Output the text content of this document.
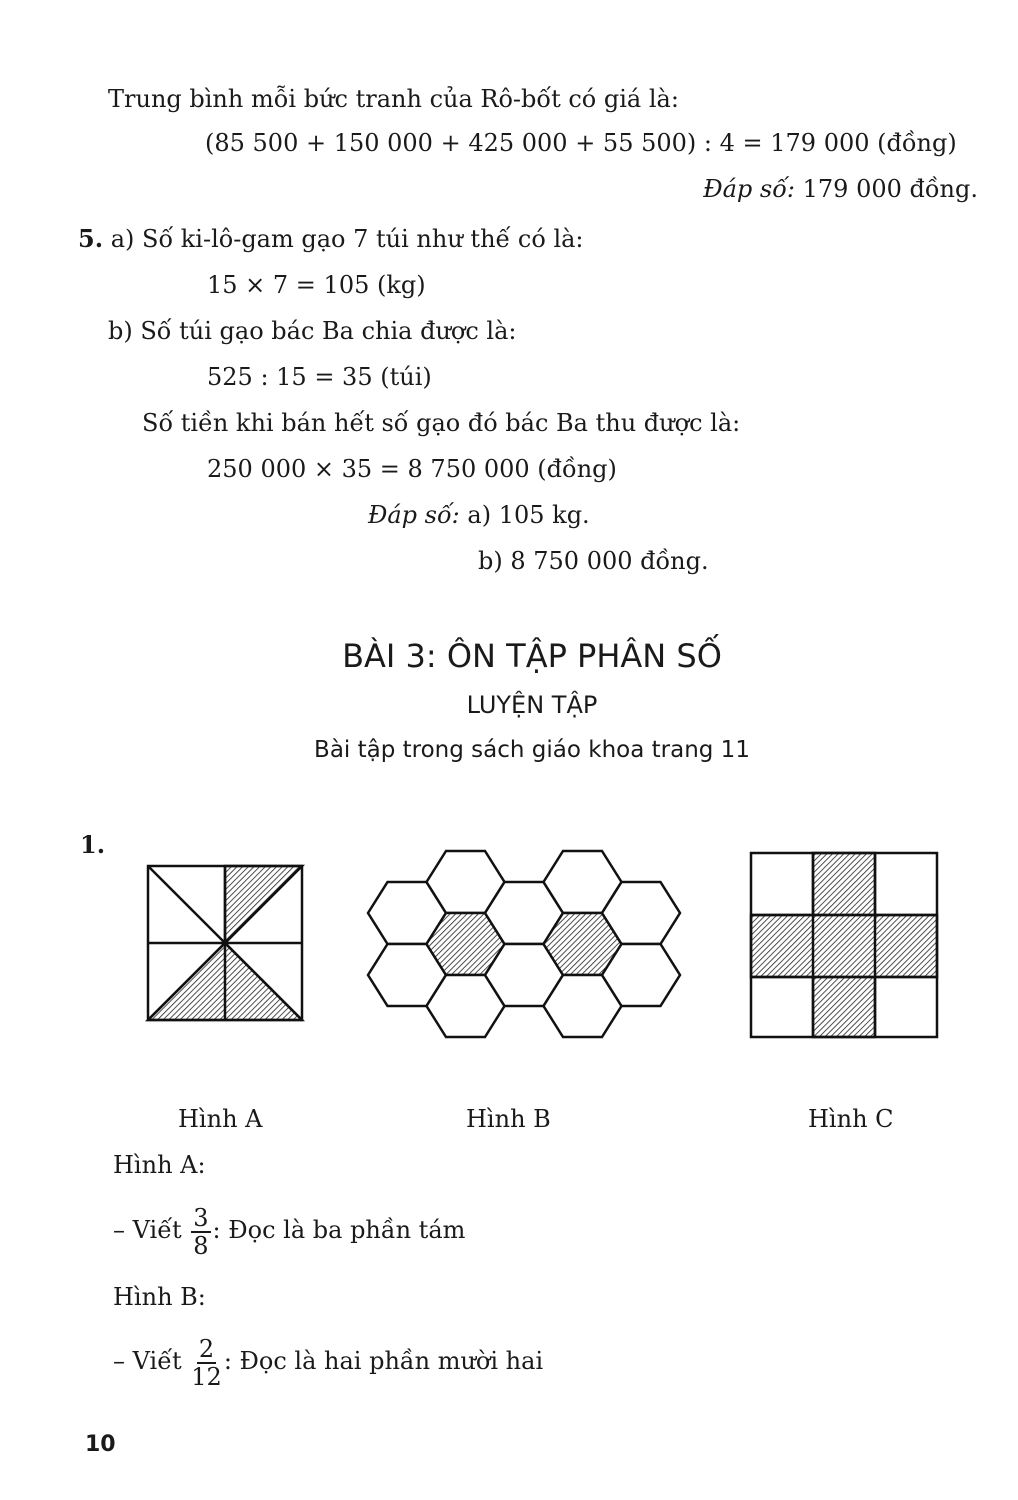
Trung bình mỗi bức tranh của Rô-bốt có giá là:
(85 500 + 150 000 + 425 000 + 55 500) : 4 = 179 000 (đồng)
Đáp số: 179 000 đồng.
5. a) Số ki-lô-gam gạo 7 túi như thế có là:
15 × 7 = 105 (kg)
b) Số túi gạo bác Ba chia được là:
525 : 15 = 35 (túi)
Số tiền khi bán hết số gạo đó bác Ba thu được là:
250 000 × 35 = 8 750 000 (đồng)
Đáp số: a) 105 kg.
b) 8 750 000 đồng.
BÀI 3: ÔN TẬP PHÂN SỐ
LUYỆN TẬP
Bài tập trong sách giáo khoa trang 11
1.
Hình A	Hình B	Hình C
Hình A:
– Viết $\frac{3}{8}$ : Đọc là ba phần tám
Hình B:
– Viết $\frac{2}{12}$ : Đọc là hai phần mười hai
10
